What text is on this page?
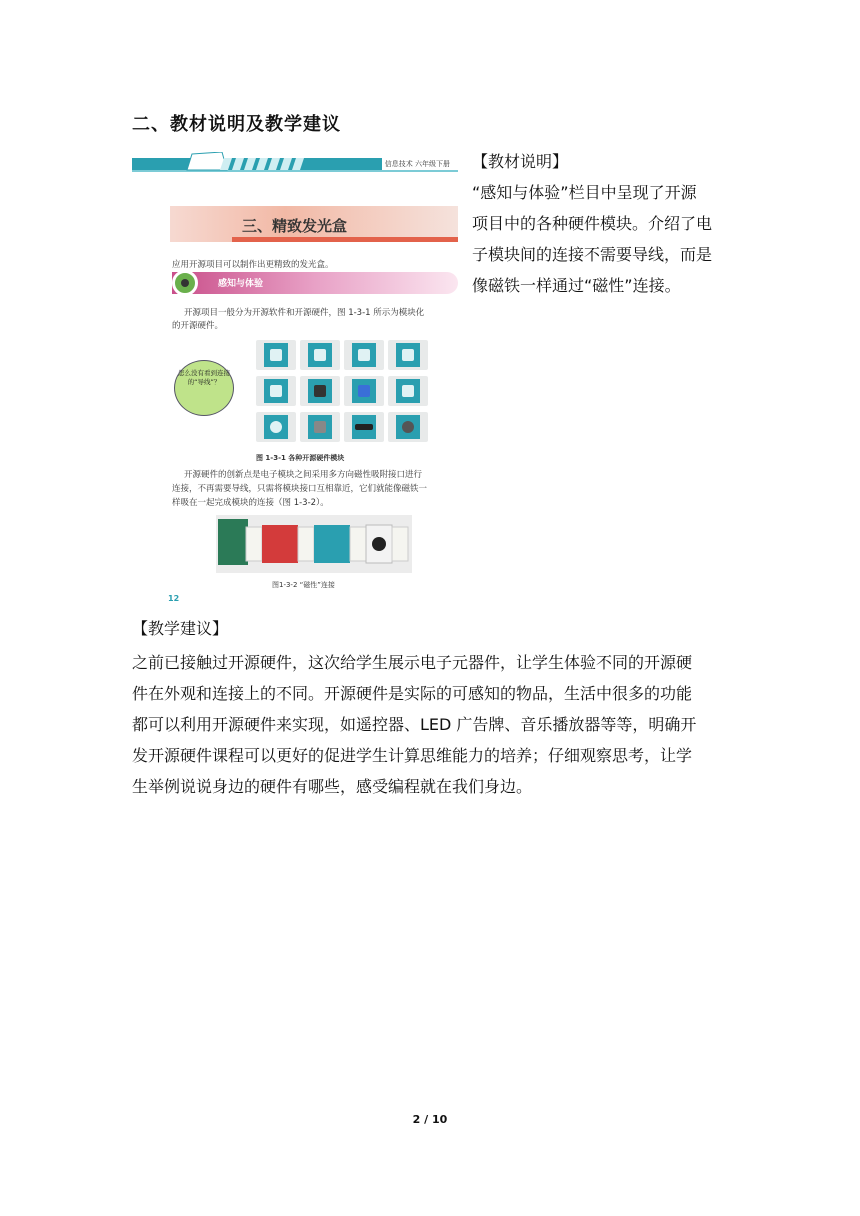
二、教材说明及教学建议
信息技术 六年级下册
三、精致发光盒
应用开源项目可以制作出更精致的发光盒。
感知与体验
开源项目一般分为开源软件和开源硬件，图 1-3-1 所示为模块化
的开源硬件。
怎么没有看到连接的“导线”？
图 1-3-1 各种开源硬件模块
开源硬件的创新点是电子模块之间采用多方向磁性吸附接口进行
连接，不再需要导线，只需将模块接口互相靠近，它们就能像磁铁一
样吸在一起完成模块的连接（图 1-3-2）。
图1-3-2 “磁性”连接
12
【教材说明】
“感知与体验”栏目中呈现了开源
项目中的各种硬件模块。介绍了电
子模块间的连接不需要导线，而是
像磁铁一样通过“磁性”连接。
【教学建议】
之前已接触过开源硬件，这次给学生展示电子元器件，让学生体验不同的开源硬
件在外观和连接上的不同。开源硬件是实际的可感知的物品，生活中很多的功能
都可以利用开源硬件来实现，如遥控器、LED 广告牌、音乐播放器等等，明确开
发开源硬件课程可以更好的促进学生计算思维能力的培养；仔细观察思考，让学
生举例说说身边的硬件有哪些，感受编程就在我们身边。
2 / 10
